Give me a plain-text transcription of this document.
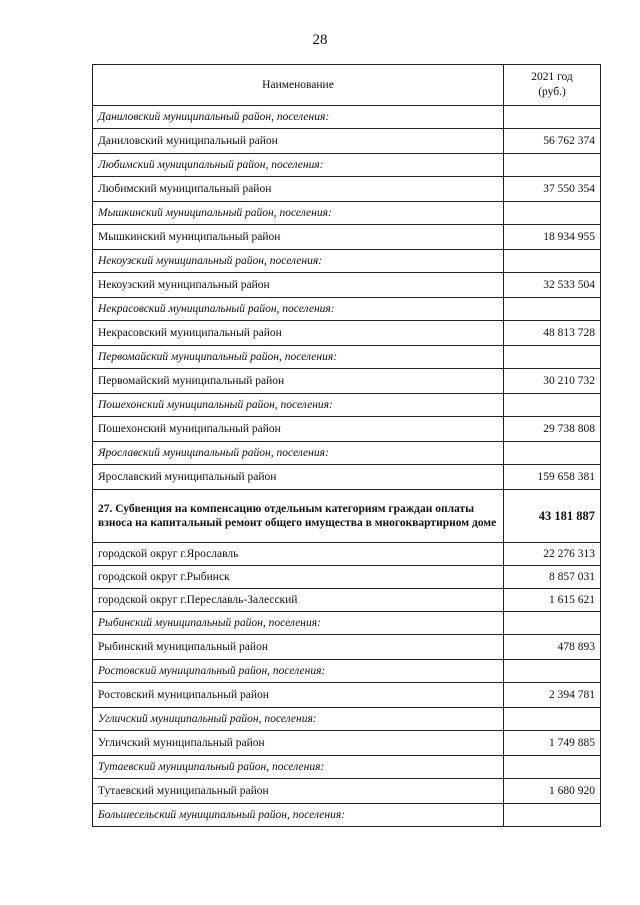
28
Наименование	2021 год
(руб.)

Даниловский муниципальный район, поселения:	
Даниловский муниципальный район	56 762 374
Любимский муниципальный район, поселения:	
Любимский муниципальный район	37 550 354
Мышкинский муниципальный район, поселения:	
Мышкинский муниципальный район	18 934 955
Некоузский муниципальный район, поселения:	
Некоузский муниципальный район	32 533 504
Некрасовский муниципальный район, поселения:	
Некрасовский муниципальный район	48 813 728
Первомайский муниципальный район, поселения:	
Первомайский муниципальный район	30 210 732
Пошехонский муниципальный район, поселения:	
Пошехонский муниципальный район	29 738 808
Ярославский муниципальный район, поселения:	
Ярославский муниципальный район	159 658 381
27. Субвенция на компенсацию отдельным категориям граждан оплаты взноса на капитальный ремонт общего имущества в многоквартирном доме	43 181 887
городской округ г.Ярославль	22 276 313
городской округ г.Рыбинск	8 857 031
городской округ г.Переславль-Залесский	1 615 621
Рыбинский муниципальный район, поселения:	
Рыбинский муниципальный район	478 893
Ростовский муниципальный район, поселения:	
Ростовский муниципальный район	2 394 781
Угличский муниципальный район, поселения:	
Угличский муниципальный район	1 749 885
Тутаевский муниципальный район, поселения:	
Тутаевский муниципальный район	1 680 920
Большесельский муниципальный район, поселения:	
